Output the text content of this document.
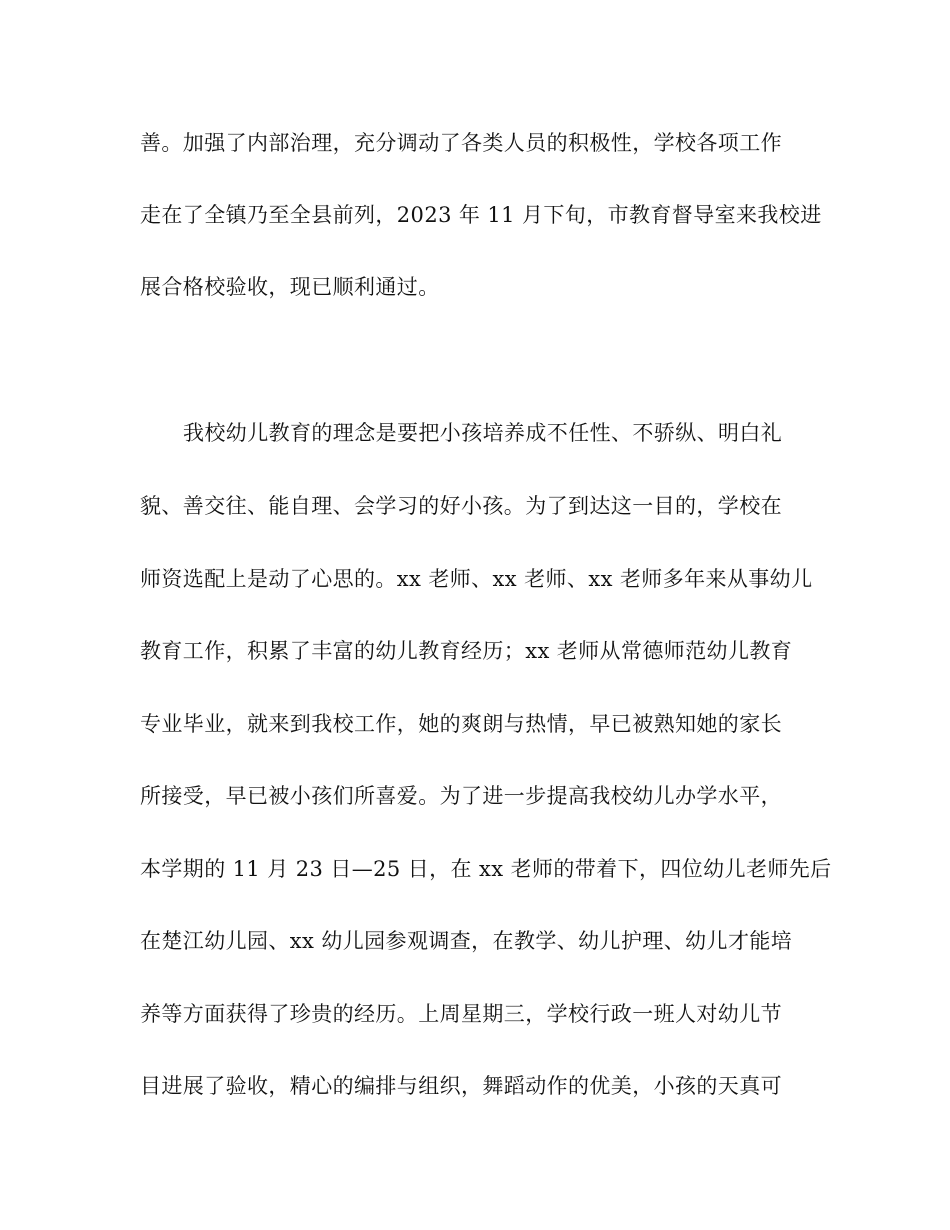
善。加强了内部治理，充分调动了各类人员的积极性，学校各项工作
走在了全镇乃至全县前列，2023 年 11 月下旬，市教育督导室来我校进
展合格校验收，现已顺利通过。
我校幼儿教育的理念是要把小孩培养成不任性、不骄纵、明白礼
貌、善交往、能自理、会学习的好小孩。为了到达这一目的，学校在
师资选配上是动了心思的。xx 老师、xx 老师、xx 老师多年来从事幼儿
教育工作，积累了丰富的幼儿教育经历；xx 老师从常德师范幼儿教育
专业毕业，就来到我校工作，她的爽朗与热情，早已被熟知她的家长
所接受，早已被小孩们所喜爱。为了进一步提高我校幼儿办学水平，
本学期的 11 月 23 日—25 日，在 xx 老师的带着下，四位幼儿老师先后
在楚江幼儿园、xx 幼儿园参观调查，在教学、幼儿护理、幼儿才能培
养等方面获得了珍贵的经历。上周星期三，学校行政一班人对幼儿节
目进展了验收，精心的编排与组织，舞蹈动作的优美，小孩的天真可
